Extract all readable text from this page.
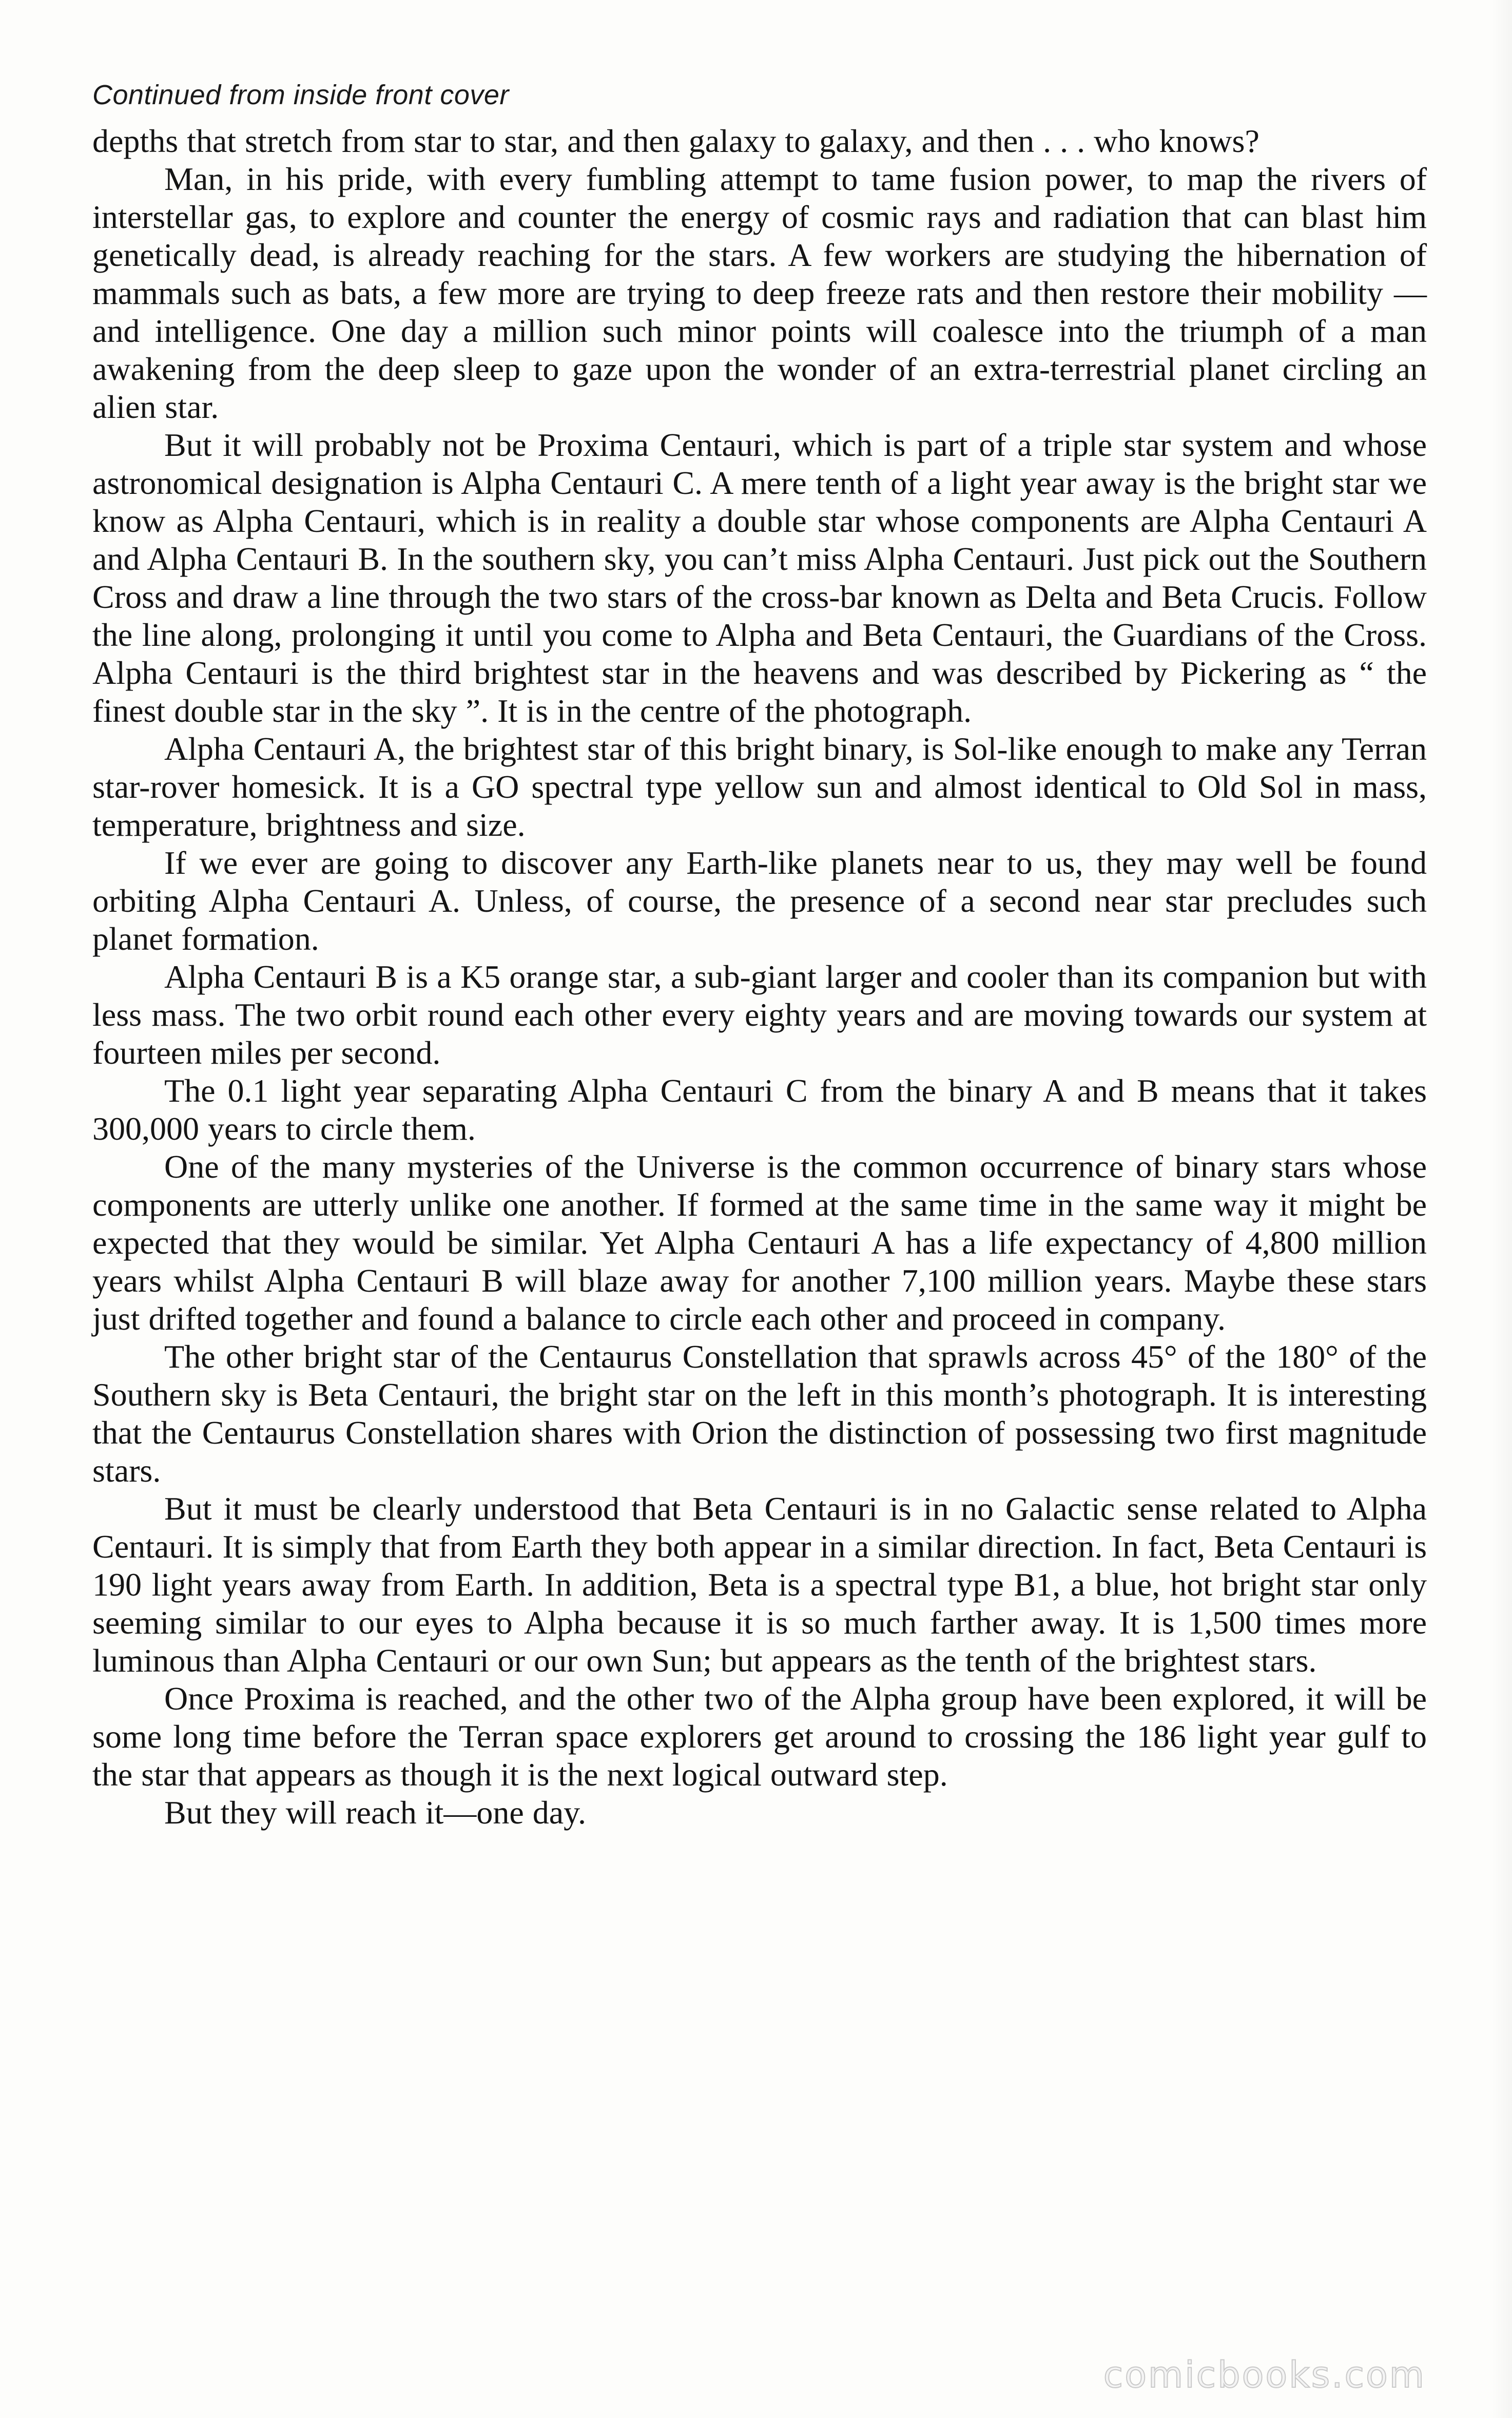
Continued from inside front cover

depths that stretch from star to star, and then galaxy to galaxy, and then . . . who knows?

Man, in his pride, with every fumbling attempt to tame fusion power, to map the rivers of interstellar gas, to explore and counter the energy of cosmic rays and radiation that can blast him genetically dead, is already reaching for the stars. A few workers are studying the hibernation of mammals such as bats, a few more are trying to deep freeze rats and then restore their mobility —and intelligence. One day a million such minor points will coalesce into the triumph of a man awakening from the deep sleep to gaze upon the wonder of an extra-terrestrial planet circling an alien star.

But it will probably not be Proxima Centauri, which is part of a triple star system and whose astronomical designation is Alpha Centauri C. A mere tenth of a light year away is the bright star we know as Alpha Centauri, which is in reality a double star whose components are Alpha Centauri A and Alpha Centauri B. In the southern sky, you can’t miss Alpha Centauri. Just pick out the Southern Cross and draw a line through the two stars of the cross-bar known as Delta and Beta Crucis. Follow the line along, prolonging it until you come to Alpha and Beta Centauri, the Guardians of the Cross. Alpha Centauri is the third brightest star in the heavens and was described by Pickering as “ the finest double star in the sky ”. It is in the centre of the photograph.

Alpha Centauri A, the brightest star of this bright binary, is Sol-like enough to make any Terran star-rover homesick. It is a GO spectral type yellow sun and almost identical to Old Sol in mass, temperature, brightness and size.

If we ever are going to discover any Earth-like planets near to us, they may well be found orbiting Alpha Centauri A. Unless, of course, the presence of a second near star precludes such planet formation.

Alpha Centauri B is a K5 orange star, a sub-giant larger and cooler than its companion but with less mass. The two orbit round each other every eighty years and are moving towards our system at fourteen miles per second.

The 0.1 light year separating Alpha Centauri C from the binary A and B means that it takes 300,000 years to circle them.

One of the many mysteries of the Universe is the common occurrence of binary stars whose components are utterly unlike one another. If formed at the same time in the same way it might be expected that they would be similar. Yet Alpha Centauri A has a life expectancy of 4,800 million years whilst Alpha Centauri B will blaze away for another 7,100 million years. Maybe these stars just drifted together and found a balance to circle each other and proceed in company.

The other bright star of the Centaurus Constellation that sprawls across 45° of the 180° of the Southern sky is Beta Centauri, the bright star on the left in this month’s photograph. It is interesting that the Centaurus Constellation shares with Orion the distinction of possessing two first magnitude stars.

But it must be clearly understood that Beta Centauri is in no Galactic sense related to Alpha Centauri. It is simply that from Earth they both appear in a similar direction. In fact, Beta Centauri is 190 light years away from Earth. In addition, Beta is a spectral type B1, a blue, hot bright star only seeming similar to our eyes to Alpha because it is so much farther away. It is 1,500 times more luminous than Alpha Centauri or our own Sun; but appears as the tenth of the brightest stars.

Once Proxima is reached, and the other two of the Alpha group have been explored, it will be some long time before the Terran space explorers get around to crossing the 186 light year gulf to the star that appears as though it is the next logical outward step.

But they will reach it—one day.

comicbooks.com
